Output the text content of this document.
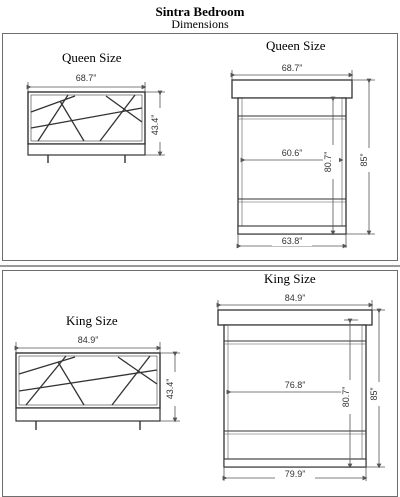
Sintra Bedroom
Dimensions
Queen Size
68.7”
43.4”
Queen Size
68.7”
60.6” 80.7”	85”
63.8”
King Size
84.9”
43.4”
King Size
84.9”
76.8”
80.7” 85”
79.9”
